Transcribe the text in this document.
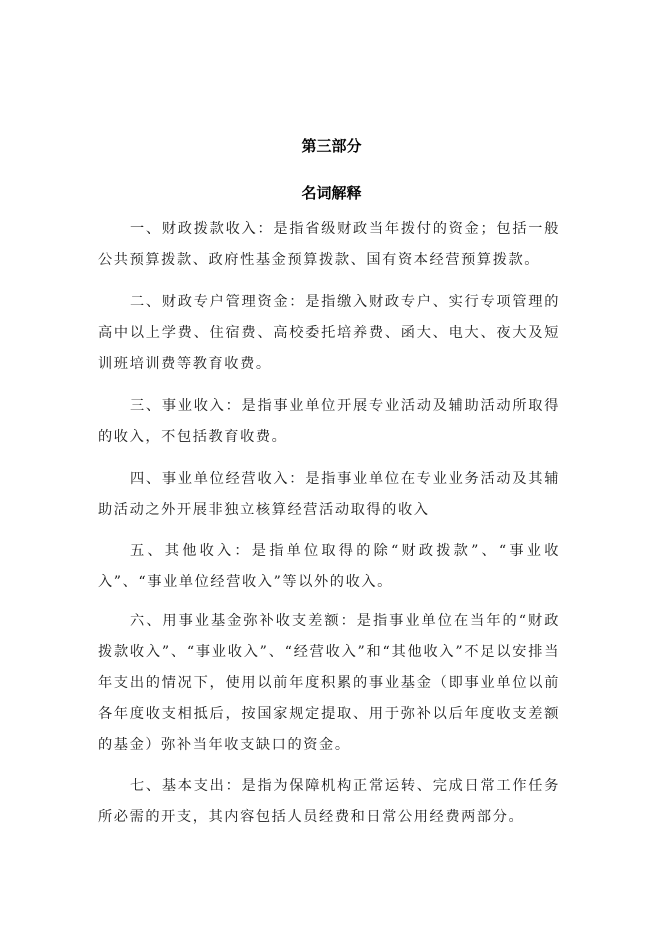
第三部分
名词解释

一、财政拨款收入：是指省级财政当年拨付的资金；包括一般公共预算拨款、政府性基金预算拨款、国有资本经营预算拨款。

二、财政专户管理资金：是指缴入财政专户、实行专项管理的高中以上学费、住宿费、高校委托培养费、函大、电大、夜大及短训班培训费等教育收费。

三、事业收入：是指事业单位开展专业活动及辅助活动所取得的收入，不包括教育收费。

四、事业单位经营收入：是指事业单位在专业业务活动及其辅助活动之外开展非独立核算经营活动取得的收入

五、其他收入：是指单位取得的除“财政拨款”、“事业收入”、“事业单位经营收入”等以外的收入。

六、用事业基金弥补收支差额：是指事业单位在当年的“财政拨款收入”、“事业收入”、“经营收入”和“其他收入”不足以安排当年支出的情况下，使用以前年度积累的事业基金（即事业单位以前各年度收支相抵后，按国家规定提取、用于弥补以后年度收支差额的基金）弥补当年收支缺口的资金。

七、基本支出：是指为保障机构正常运转、完成日常工作任务所必需的开支，其内容包括人员经费和日常公用经费两部分。
